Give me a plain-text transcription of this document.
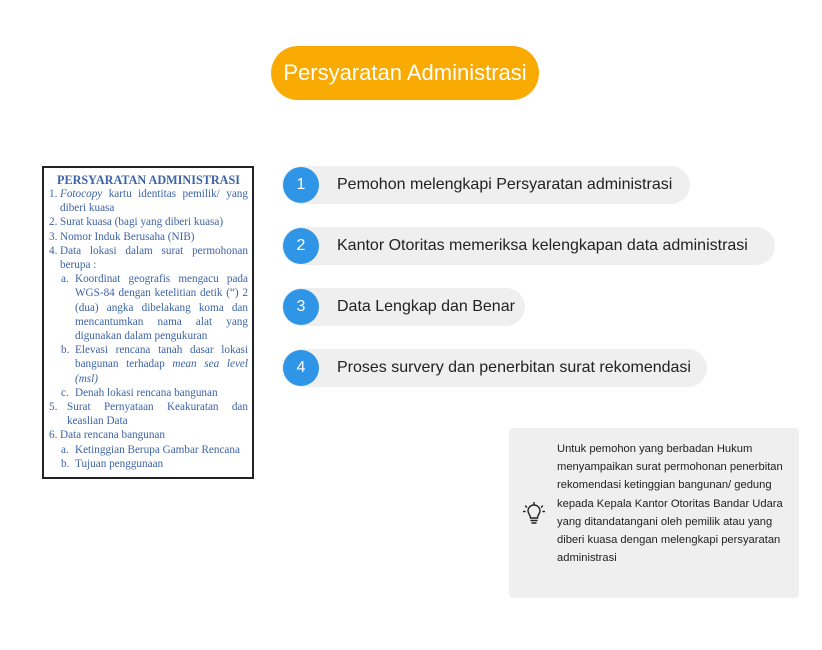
Persyaratan Administrasi
PERSYARATAN ADMINISTRASI
1. Fotocopy kartu identitas pemilik/ yang diberi kuasa
2. Surat kuasa (bagi yang diberi kuasa)
3. Nomor Induk Berusaha (NIB)
4. Data lokasi dalam surat permohonan berupa :
a. Koordinat geografis mengacu pada WGS-84 dengan ketelitian detik (“) 2 (dua) angka dibelakang koma dan mencantumkan nama alat yang digunakan dalam pengukuran
b. Elevasi rencana tanah dasar lokasi bangunan terhadap mean sea level (msl)
c. Denah lokasi rencana bangunan
5. Surat Pernyataan Keakuratan dan keaslian Data
6. Data rencana bangunan
a. Ketinggian Berupa Gambar Rencana
b. Tujuan penggunaan
1	Pemohon melengkapi Persyaratan administrasi
2	Kantor Otoritas memeriksa kelengkapan data administrasi
3	Data Lengkap dan Benar
4	Proses survery dan penerbitan surat rekomendasi
Untuk pemohon yang berbadan Hukum menyampaikan surat permohonan penerbitan rekomendasi ketinggian bangunan/ gedung kepada Kepala Kantor Otoritas Bandar Udara yang ditandatangani oleh pemilik atau yang diberi kuasa dengan melengkapi persyaratan administrasi
